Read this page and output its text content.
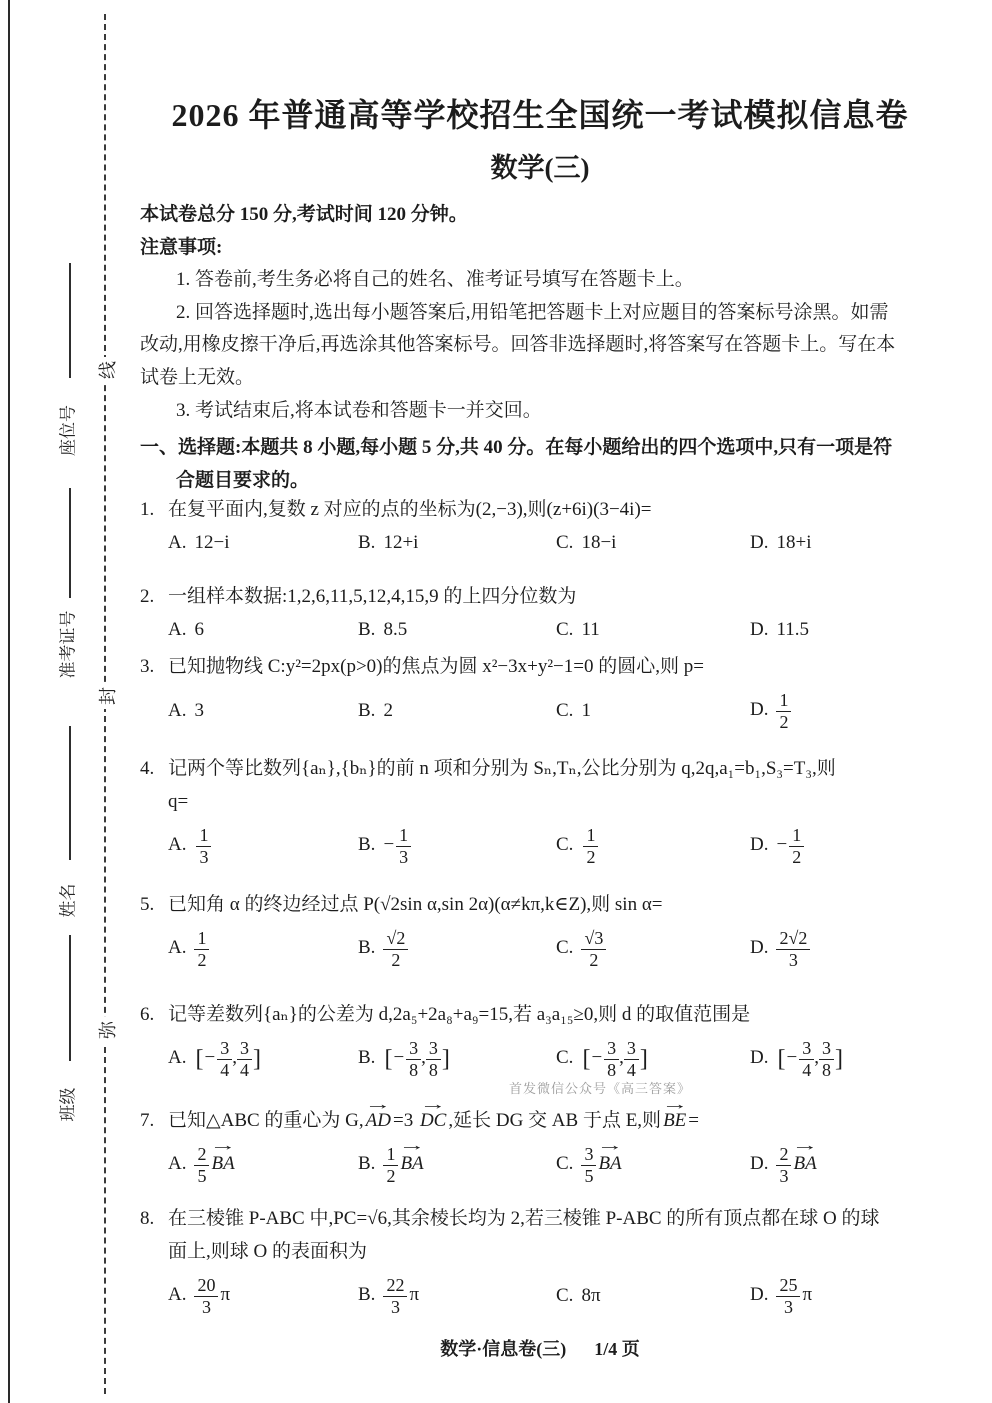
线
封
弥
座位号
准考证号
姓名
班级
2026 年普通高等学校招生全国统一考试模拟信息卷
数学(三)
本试卷总分 150 分,考试时间 120 分钟。
注意事项:
1. 答卷前,考生务必将自己的姓名、准考证号填写在答题卡上。
2. 回答选择题时,选出每小题答案后,用铅笔把答题卡上对应题目的答案标号涂黑。如需
改动,用橡皮擦干净后,再选涂其他答案标号。回答非选择题时,将答案写在答题卡上。写在本
试卷上无效。
3. 考试结束后,将本试卷和答题卡一并交回。
一、选择题:本题共 8 小题,每小题 5 分,共 40 分。在每小题给出的四个选项中,只有一项是符
合题目要求的。
1. 在复平面内,复数 z 对应的点的坐标为(2,−3),则(z+6i)(3−4i)=
A. 12−i	B. 12+i	C. 18−i	D. 18+i
2. 一组样本数据:1,2,6,11,5,12,4,15,9 的上四分位数为
A. 6	B. 8.5	C. 11	D. 11.5
3. 已知抛物线 C:y²=2px(p>0)的焦点为圆 x²−3x+y²−1=0 的圆心,则 p=
A. 3	B. 2	C. 1	D. $\frac{1}{2}$
4. 记两个等比数列{aₙ},{bₙ}的前 n 项和分别为 Sₙ,Tₙ,公比分别为 q,2q,a₁=b₁,S₃=T₃,则
q=
A. $\frac{1}{3}$	B. − $\frac{1}{3}$	C. $\frac{1}{2}$	D. − $\frac{1}{2}$
5. 已知角 α 的终边经过点 P(√2sin α,sin 2α)(α≠kπ,k∈Z),则 sin α=
A. $\frac{1}{2}$	B. $\frac{√2}{2}$	C. $\frac{√3}{2}$	D. $\frac{2√2}{3}$
6. 记等差数列{aₙ}的公差为 d,2a₅+2a₈+a₉=15,若 a₃a₁₅≥0,则 d 的取值范围是
A. [− $\frac{3}{4}$ , $\frac{3}{4}$ ]	B. [− $\frac{3}{8}$ , $\frac{3}{8}$ ]	C. [− $\frac{3}{8}$ , $\frac{3}{4}$ ]	D. [− $\frac{3}{4}$ , $\frac{3}{8}$ ]
首发微信公众号《高三答案》
7. 已知△ABC 的重心为 G, → AD =3 → DC ,延长 DG 交 AB 于点 E,则 → BE =
A. $\frac{2}{5}$ → BA	B. $\frac{1}{2}$ → BA	C. $\frac{3}{5}$ → BA	D. $\frac{2}{3}$ → BA
8. 在三棱锥 P-ABC 中,PC=√6,其余棱长均为 2,若三棱锥 P-ABC 的所有顶点都在球 O 的球
面上,则球 O 的表面积为
A. $\frac{20}{3}$ π	B. $\frac{22}{3}$ π	C. 8π	D. $\frac{25}{3}$ π
数学·信息卷(三) 1/4 页
